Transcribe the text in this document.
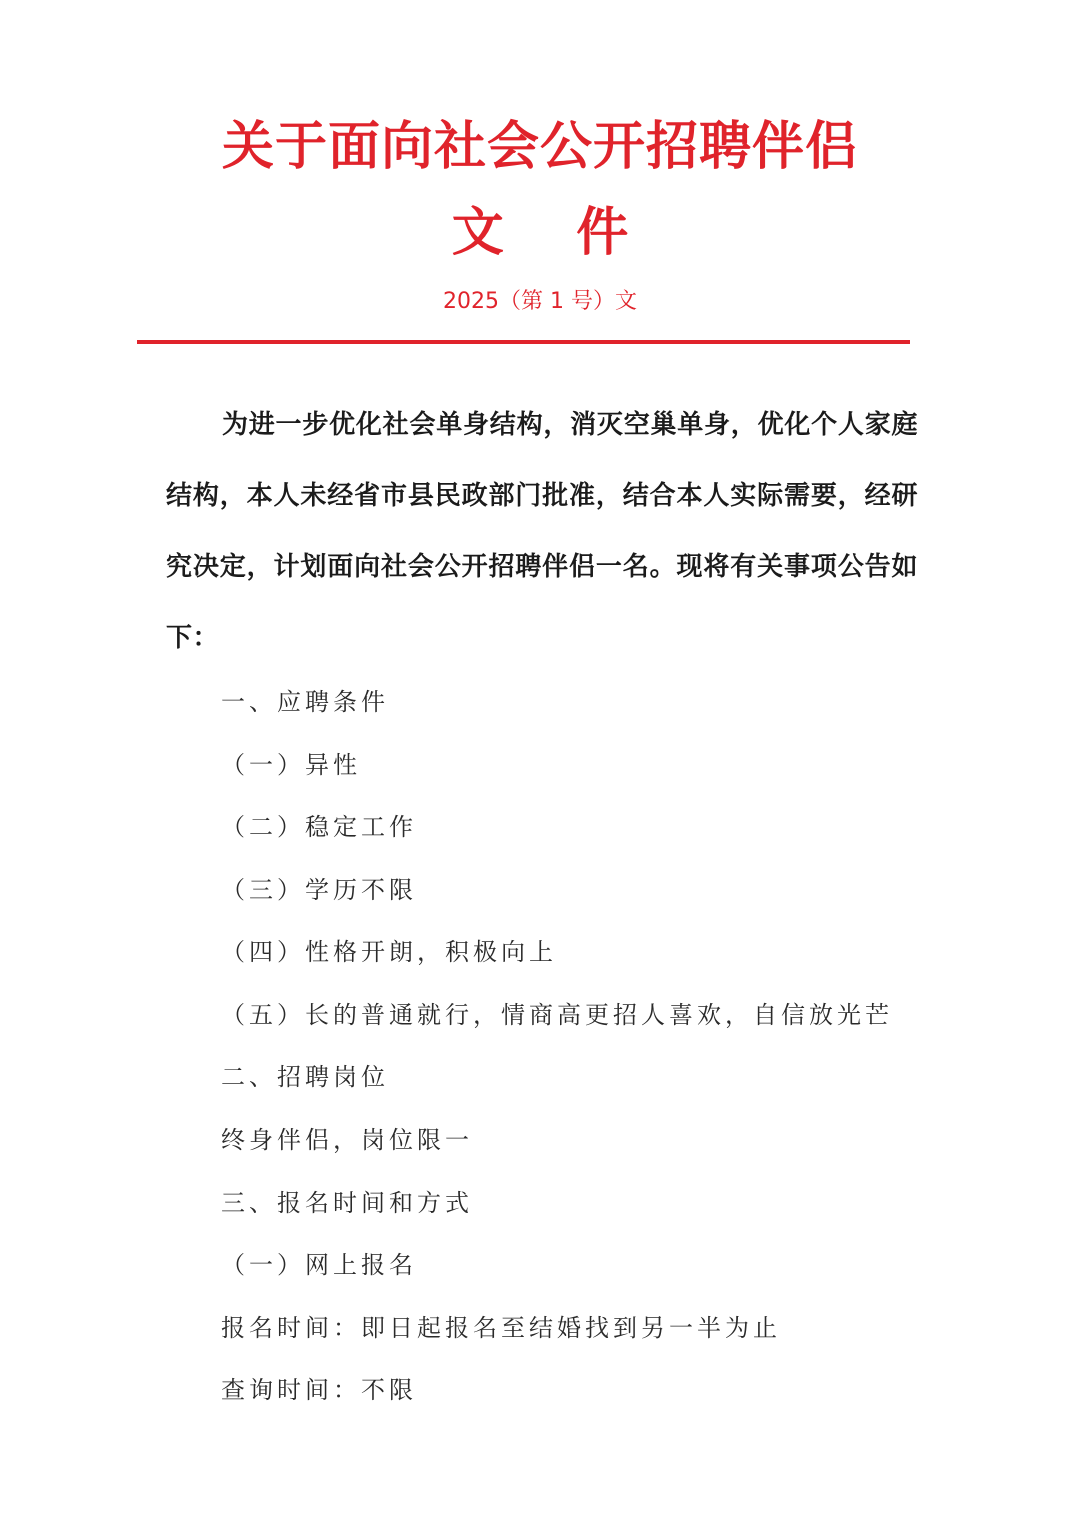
关于面向社会公开招聘伴侣
文    件
2025（第 1 号）文
为进一步优化社会单身结构，消灭空巢单身，优化个人家庭结构，本人未经省市县民政部门批准，结合本人实际需要，经研究决定，计划面向社会公开招聘伴侣一名。现将有关事项公告如下：
一、应聘条件
（一）异性
（二）稳定工作
（三）学历不限
（四）性格开朗，积极向上
（五）长的普通就行，情商高更招人喜欢，自信放光芒
二、招聘岗位
终身伴侣，岗位限一
三、报名时间和方式
（一）网上报名
报名时间：即日起报名至结婚找到另一半为止
查询时间：不限
